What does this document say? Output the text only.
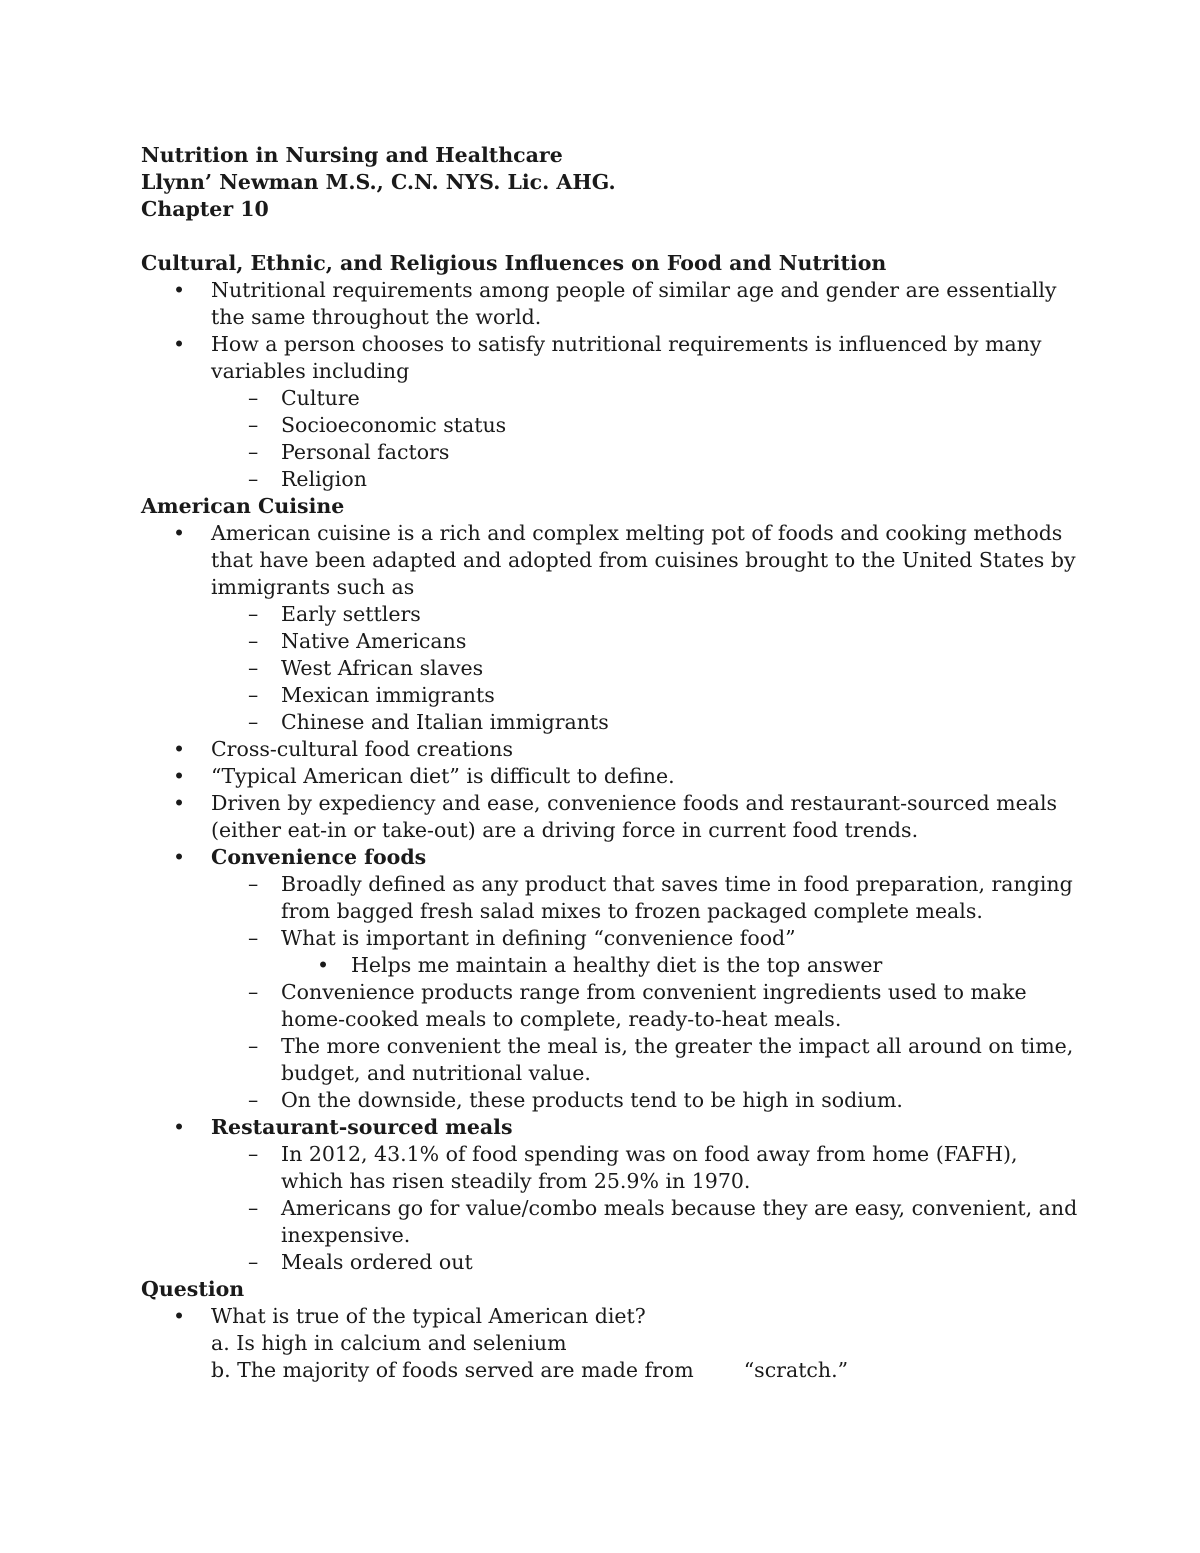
Nutrition in Nursing and Healthcare
Llynn’ Newman M.S., C.N. NYS. Lic. AHG.
Chapter 10
Cultural, Ethnic, and Religious Influences on Food and Nutrition
• Nutritional requirements among people of similar age and gender are essentially the same throughout the world.
• How a person chooses to satisfy nutritional requirements is influenced by many variables including
– Culture
– Socioeconomic status
– Personal factors
– Religion
American Cuisine
• American cuisine is a rich and complex melting pot of foods and cooking methods that have been adapted and adopted from cuisines brought to the United States by immigrants such as
– Early settlers
– Native Americans
– West African slaves
– Mexican immigrants
– Chinese and Italian immigrants
• Cross-cultural food creations
• “Typical American diet” is difficult to define.
• Driven by expediency and ease, convenience foods and restaurant-sourced meals (either eat-in or take-out) are a driving force in current food trends.
• Convenience foods
– Broadly defined as any product that saves time in food preparation, ranging from bagged fresh salad mixes to frozen packaged complete meals.
– What is important in defining “convenience food”
• Helps me maintain a healthy diet is the top answer
– Convenience products range from convenient ingredients used to make home-cooked meals to complete, ready-to-heat meals.
– The more convenient the meal is, the greater the impact all around on time, budget, and nutritional value.
– On the downside, these products tend to be high in sodium.
• Restaurant-sourced meals
– In 2012, 43.1% of food spending was on food away from home (FAFH), which has risen steadily from 25.9% in 1970.
– Americans go for value/combo meals because they are easy, convenient, and inexpensive.
– Meals ordered out
Question
• What is true of the typical American diet?
a. Is high in calcium and selenium
b. The majority of foods served are made from “scratch.”
